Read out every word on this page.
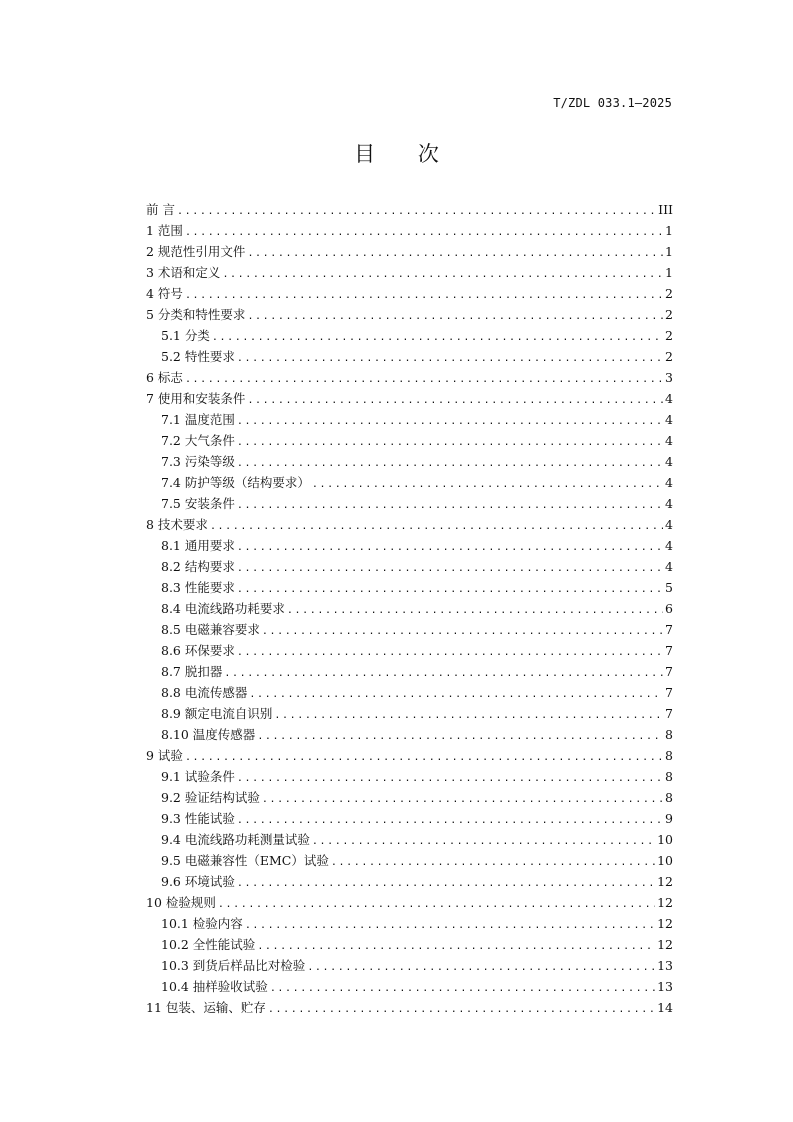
T/ZDL 033.1—2025
目 次
前 言 .....	III
1 范围 .....	1
2 规范性引用文件 .....	1
3 术语和定义 .....	1
4 符号 .....	2
5 分类和特性要求 .....	2
5.1 分类 .....	2
5.2 特性要求 .....	2
6 标志 .....	3
7 使用和安装条件 .....	4
7.1 温度范围 .....	4
7.2 大气条件 .....	4
7.3 污染等级 .....	4
7.4 防护等级（结构要求） .....	4
7.5 安装条件 .....	4
8 技术要求 .....	4
8.1 通用要求 .....	4
8.2 结构要求 .....	4
8.3 性能要求 .....	5
8.4 电流线路功耗要求 .....	6
8.5 电磁兼容要求 .....	7
8.6 环保要求 .....	7
8.7 脱扣器 .....	7
8.8 电流传感器 .....	7
8.9 额定电流自识别 .....	7
8.10 温度传感器 .....	8
9 试验 .....	8
9.1 试验条件 .....	8
9.2 验证结构试验 .....	8
9.3 性能试验 .....	9
9.4 电流线路功耗测量试验 .....	10
9.5 电磁兼容性（EMC）试验 .....	10
9.6 环境试验 .....	12
10 检验规则 .....	12
10.1 检验内容 .....	12
10.2 全性能试验 .....	12
10.3 到货后样品比对检验 .....	13
10.4 抽样验收试验 .....	13
11 包装、运输、贮存 .....	14
